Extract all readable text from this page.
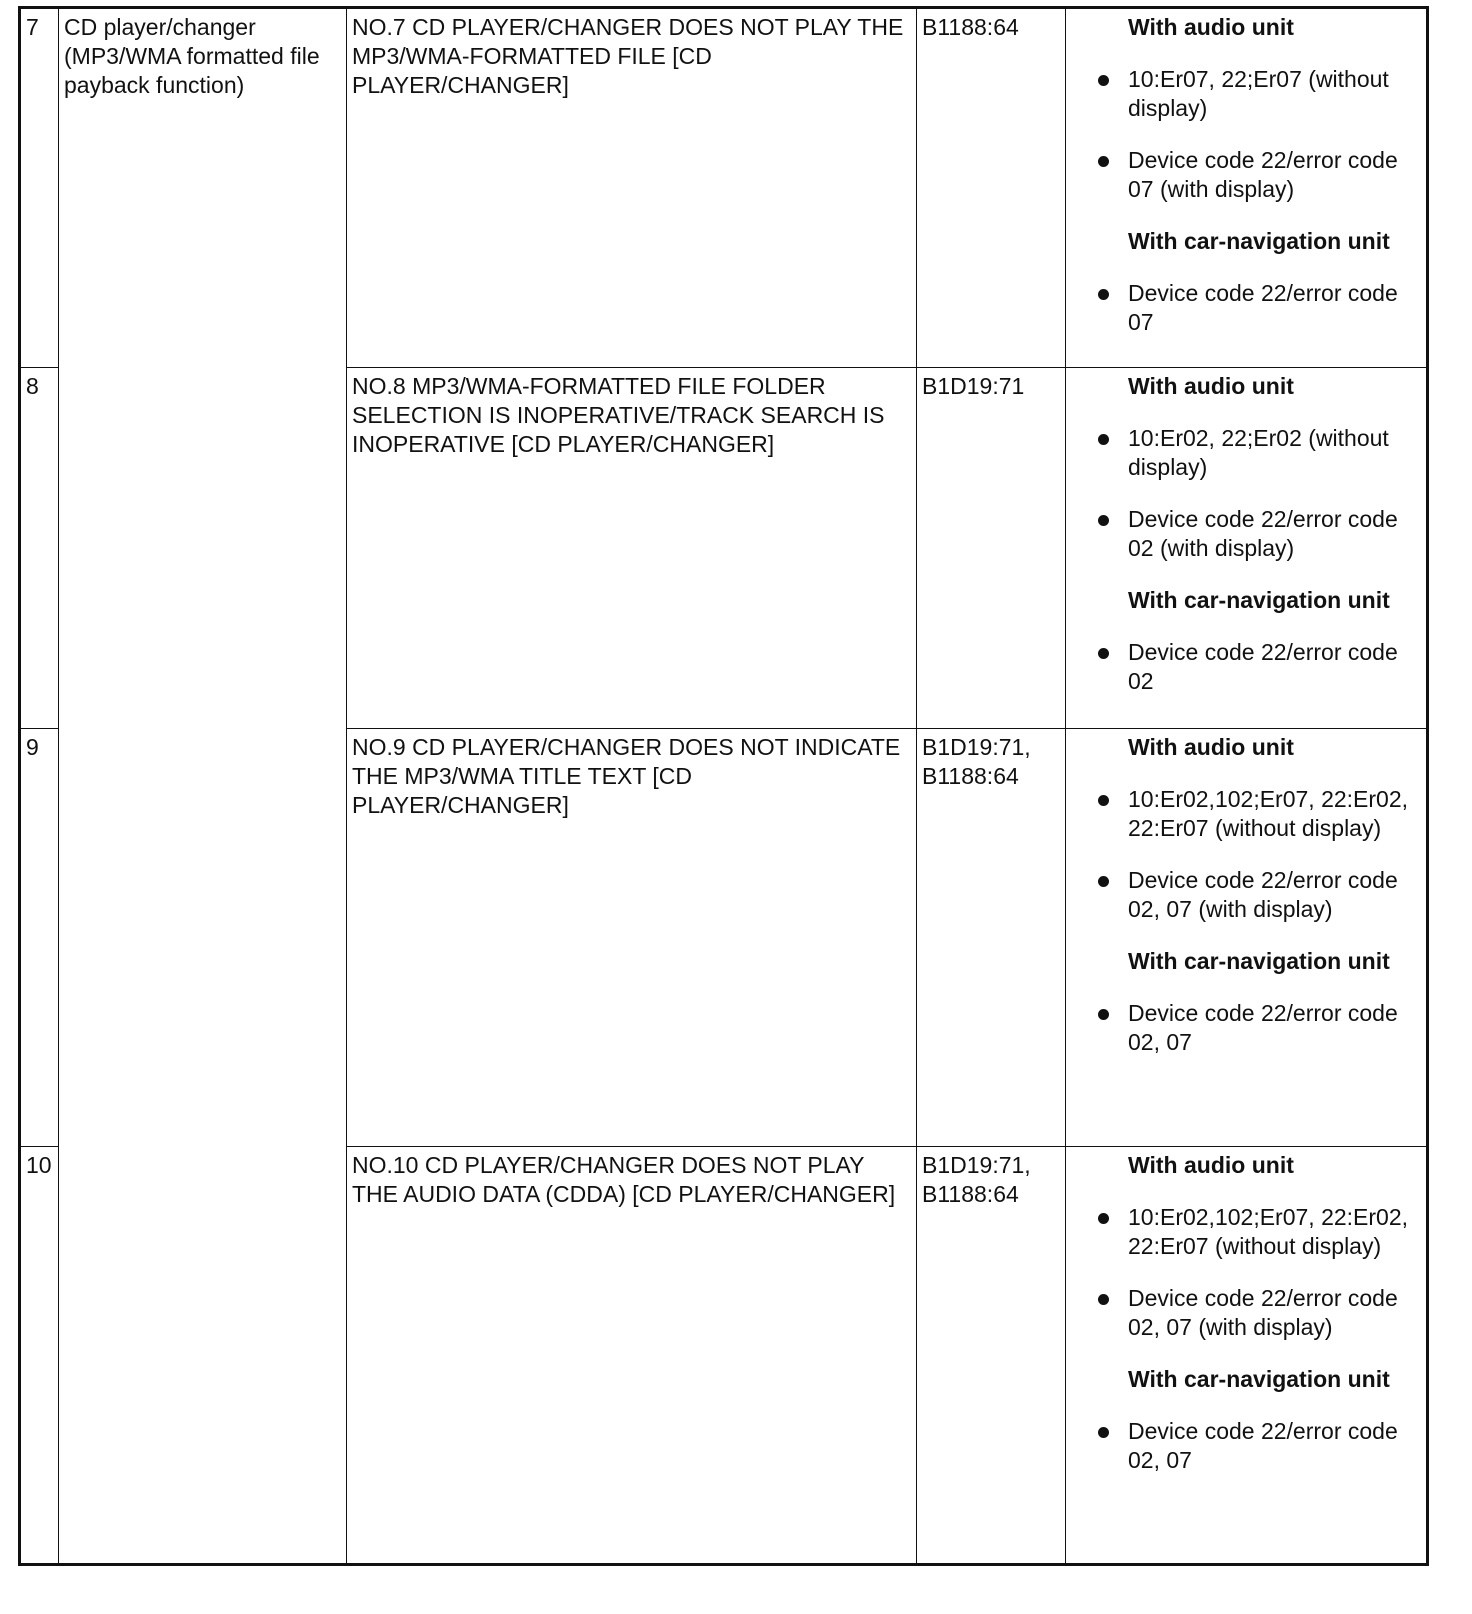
7	CD player/changer (MP3/WMA formatted file payback function)	NO.7 CD PLAYER/CHANGER DOES NOT PLAY THE MP3/WMA-FORMATTED FILE [CD PLAYER/CHANGER]	B1188:64	With audio unit
10:Er07, 22;Er07 (without display)
Device code 22/error code 07 (with display)
With car-navigation unit
Device code 22/error code 07

8		NO.8 MP3/WMA-FORMATTED FILE FOLDER SELECTION IS INOPERATIVE/TRACK SEARCH IS INOPERATIVE [CD PLAYER/CHANGER]	B1D19:71	With audio unit
10:Er02, 22;Er02 (without display)
Device code 22/error code 02 (with display)
With car-navigation unit
Device code 22/error code 02

9		NO.9 CD PLAYER/CHANGER DOES NOT INDICATE THE MP3/WMA TITLE TEXT [CD PLAYER/CHANGER]	B1D19:71, B1188:64	With audio unit
10:Er02,102;Er07, 22:Er02, 22:Er07 (without display)
Device code 22/error code 02, 07 (with display)
With car-navigation unit
Device code 22/error code 02, 07

10		NO.10 CD PLAYER/CHANGER DOES NOT PLAY THE AUDIO DATA (CDDA) [CD PLAYER/CHANGER]	B1D19:71, B1188:64	With audio unit
10:Er02,102;Er07, 22:Er02, 22:Er07 (without display)
Device code 22/error code 02, 07 (with display)
With car-navigation unit
Device code 22/error code 02, 07
